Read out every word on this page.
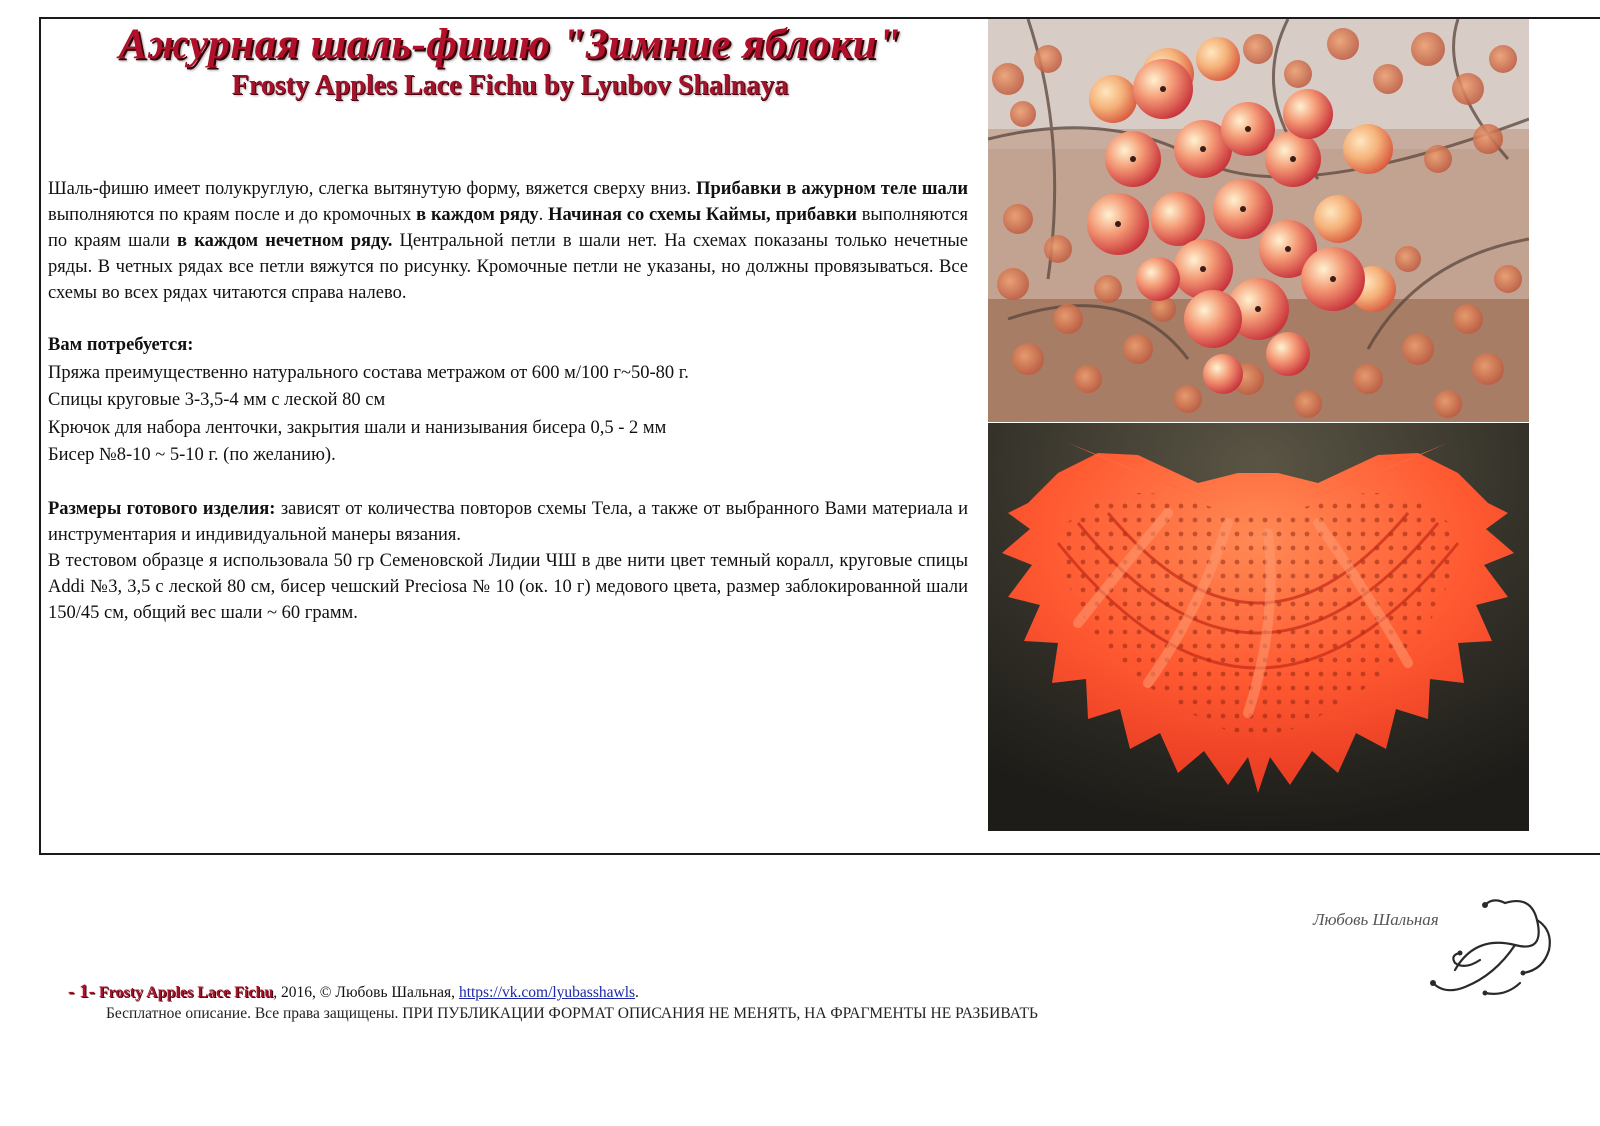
Ажурная шаль-фишю "Зимние яблоки"
Frosty Apples Lace Fichu by Lyubov Shalnaya

Шаль-фишю имеет полукруглую, слегка вытянутую форму, вяжется сверху вниз. Прибавки в ажурном теле шали выполняются по краям после и до кромочных в каждом ряду. Начиная со схемы Каймы, прибавки выполняются по краям шали в каждом нечетном ряду. Центральной петли в шали нет. На схемах показаны только нечетные ряды. В четных рядах все петли вяжутся по рисунку. Кромочные петли не указаны, но должны провязываться. Все схемы во всех рядах читаются справа налево.

Вам потребуется:

Пряжа преимущественно натурального состава метражом от 600 м/100 г~50-80 г.

Спицы круговые 3-3,5-4 мм с леской 80 см

Крючок для набора ленточки, закрытия шали и нанизывания бисера 0,5 - 2 мм

Бисер №8-10 ~ 5-10 г. (по желанию).

Размеры готового изделия: зависят от количества повторов схемы Тела, а также от выбранного Вами материала и инструментария и индивидуальной манеры вязания.

В тестовом образце я использовала 50 гр Семеновской Лидии ЧШ в две нити цвет темный коралл, круговые спицы Addi №3, 3,5 с леской 80 см, бисер чешский Preciosa № 10 (ок. 10 г) медового цвета, размер заблокированной шали 150/45 см, общий вес шали ~ 60 грамм.

- 1- Frosty Apples Lace Fichu, 2016, © Любовь Шальная, https://vk.com/lyubasshawls.
Бесплатное описание. Все права защищены. ПРИ ПУБЛИКАЦИИ ФОРМАТ ОПИСАНИЯ НЕ МЕНЯТЬ, НА ФРАГМЕНТЫ НЕ РАЗБИВАТЬ
Любовь Шальная
